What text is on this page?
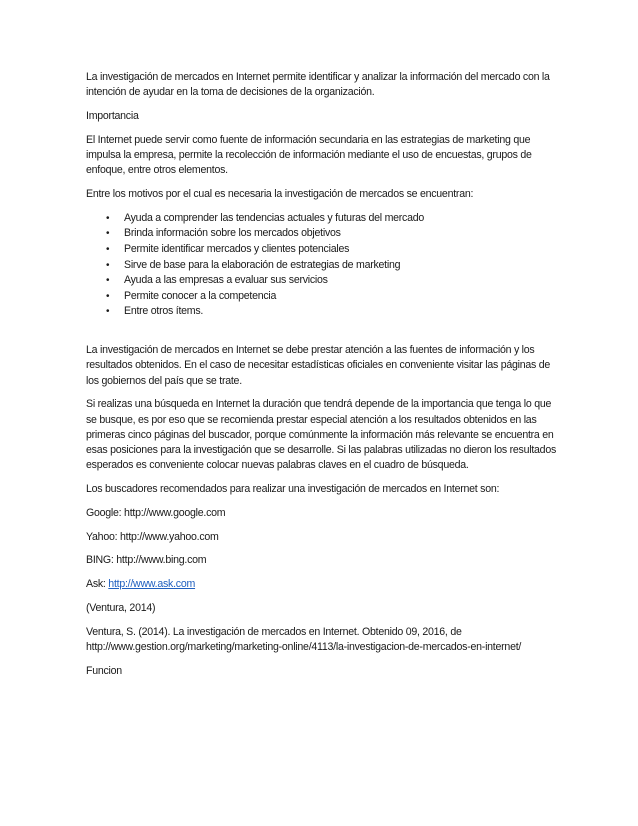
La investigación de mercados en Internet permite identificar y analizar la información del mercado con la intención de ayudar en la toma de decisiones de la organización.

Importancia

El Internet puede servir como fuente de información secundaria en las estrategias de marketing que impulsa la empresa, permite la recolección de información mediante el uso de encuestas, grupos de enfoque, entre otros elementos.

Entre los motivos por el cual es necesaria la investigación de mercados se encuentran:

• Ayuda a comprender las tendencias actuales y futuras del mercado
• Brinda información sobre los mercados objetivos
• Permite identificar mercados y clientes potenciales
• Sirve de base para la elaboración de estrategias de marketing
• Ayuda a las empresas a evaluar sus servicios
• Permite conocer a la competencia
• Entre otros ítems.

La investigación de mercados en Internet se debe prestar atención a las fuentes de información y los resultados obtenidos. En el caso de necesitar estadísticas oficiales en conveniente visitar las páginas de los gobiernos del país que se trate.

Si realizas una búsqueda en Internet la duración que tendrá depende de la importancia que tenga lo que se busque, es por eso que se recomienda prestar especial atención a los resultados obtenidos en las primeras cinco páginas del buscador, porque comúnmente la información más relevante se encuentra en esas posiciones para la investigación que se desarrolle. Si las palabras utilizadas no dieron los resultados esperados es conveniente colocar nuevas palabras claves en el cuadro de búsqueda.

Los buscadores recomendados para realizar una investigación de mercados en Internet son:

Google: http://www.google.com

Yahoo: http://www.yahoo.com

BING: http://www.bing.com

Ask: http://www.ask.com

(Ventura, 2014)

Ventura, S. (2014). La investigación de mercados en Internet. Obtenido 09, 2016, de http://www.gestion.org/marketing/marketing-online/4113/la-investigacion-de-mercados-en-internet/

Funcion
